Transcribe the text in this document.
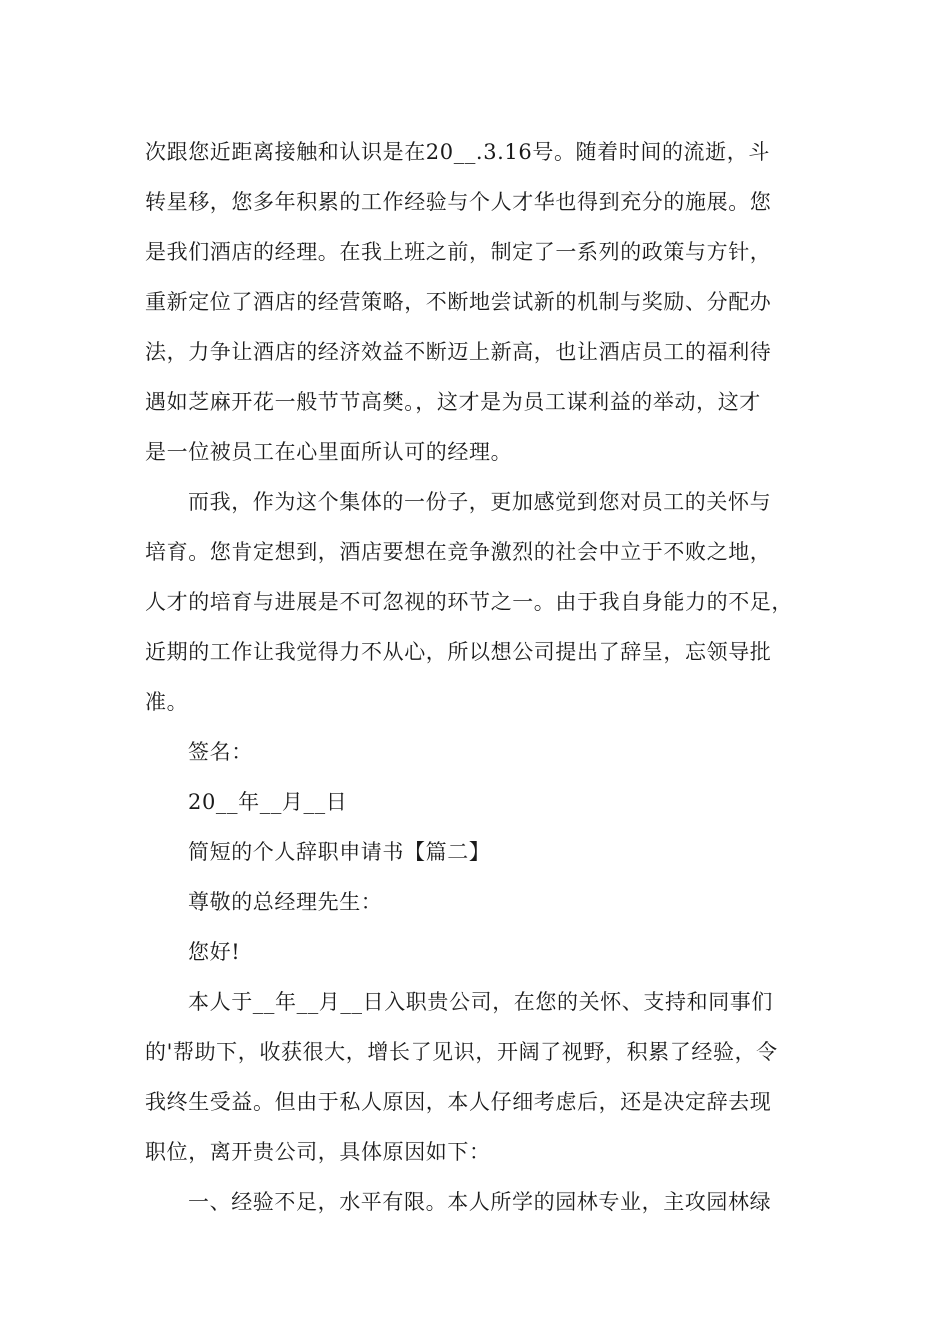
次跟您近距离接触和认识是在20__.3.16号。随着时间的流逝，斗
转星移，您多年积累的工作经验与个人才华也得到充分的施展。您
是我们酒店的经理。在我上班之前，制定了一系列的政策与方针，
重新定位了酒店的经营策略，不断地尝试新的机制与奖励、分配办
法，力争让酒店的经济效益不断迈上新高，也让酒店员工的福利待
遇如芝麻开花一般节节高樊。，这才是为员工谋利益的举动，这才
是一位被员工在心里面所认可的经理。
而我，作为这个集体的一份子，更加感觉到您对员工的关怀与
培育。您肯定想到，酒店要想在竞争激烈的社会中立于不败之地，
人才的培育与进展是不可忽视的环节之一。由于我自身能力的不足，
近期的工作让我觉得力不从心，所以想公司提出了辞呈，忘领导批
准。
签名：
20__年__月__日
简短的个人辞职申请书【篇二】
尊敬的总经理先生：
您好!
本人于__年__月__日入职贵公司，在您的关怀、支持和同事们
的'帮助下，收获很大，增长了见识，开阔了视野，积累了经验，令
我终生受益。但由于私人原因，本人仔细考虑后，还是决定辞去现
职位，离开贵公司，具体原因如下：
一、经验不足，水平有限。本人所学的园林专业，主攻园林绿
